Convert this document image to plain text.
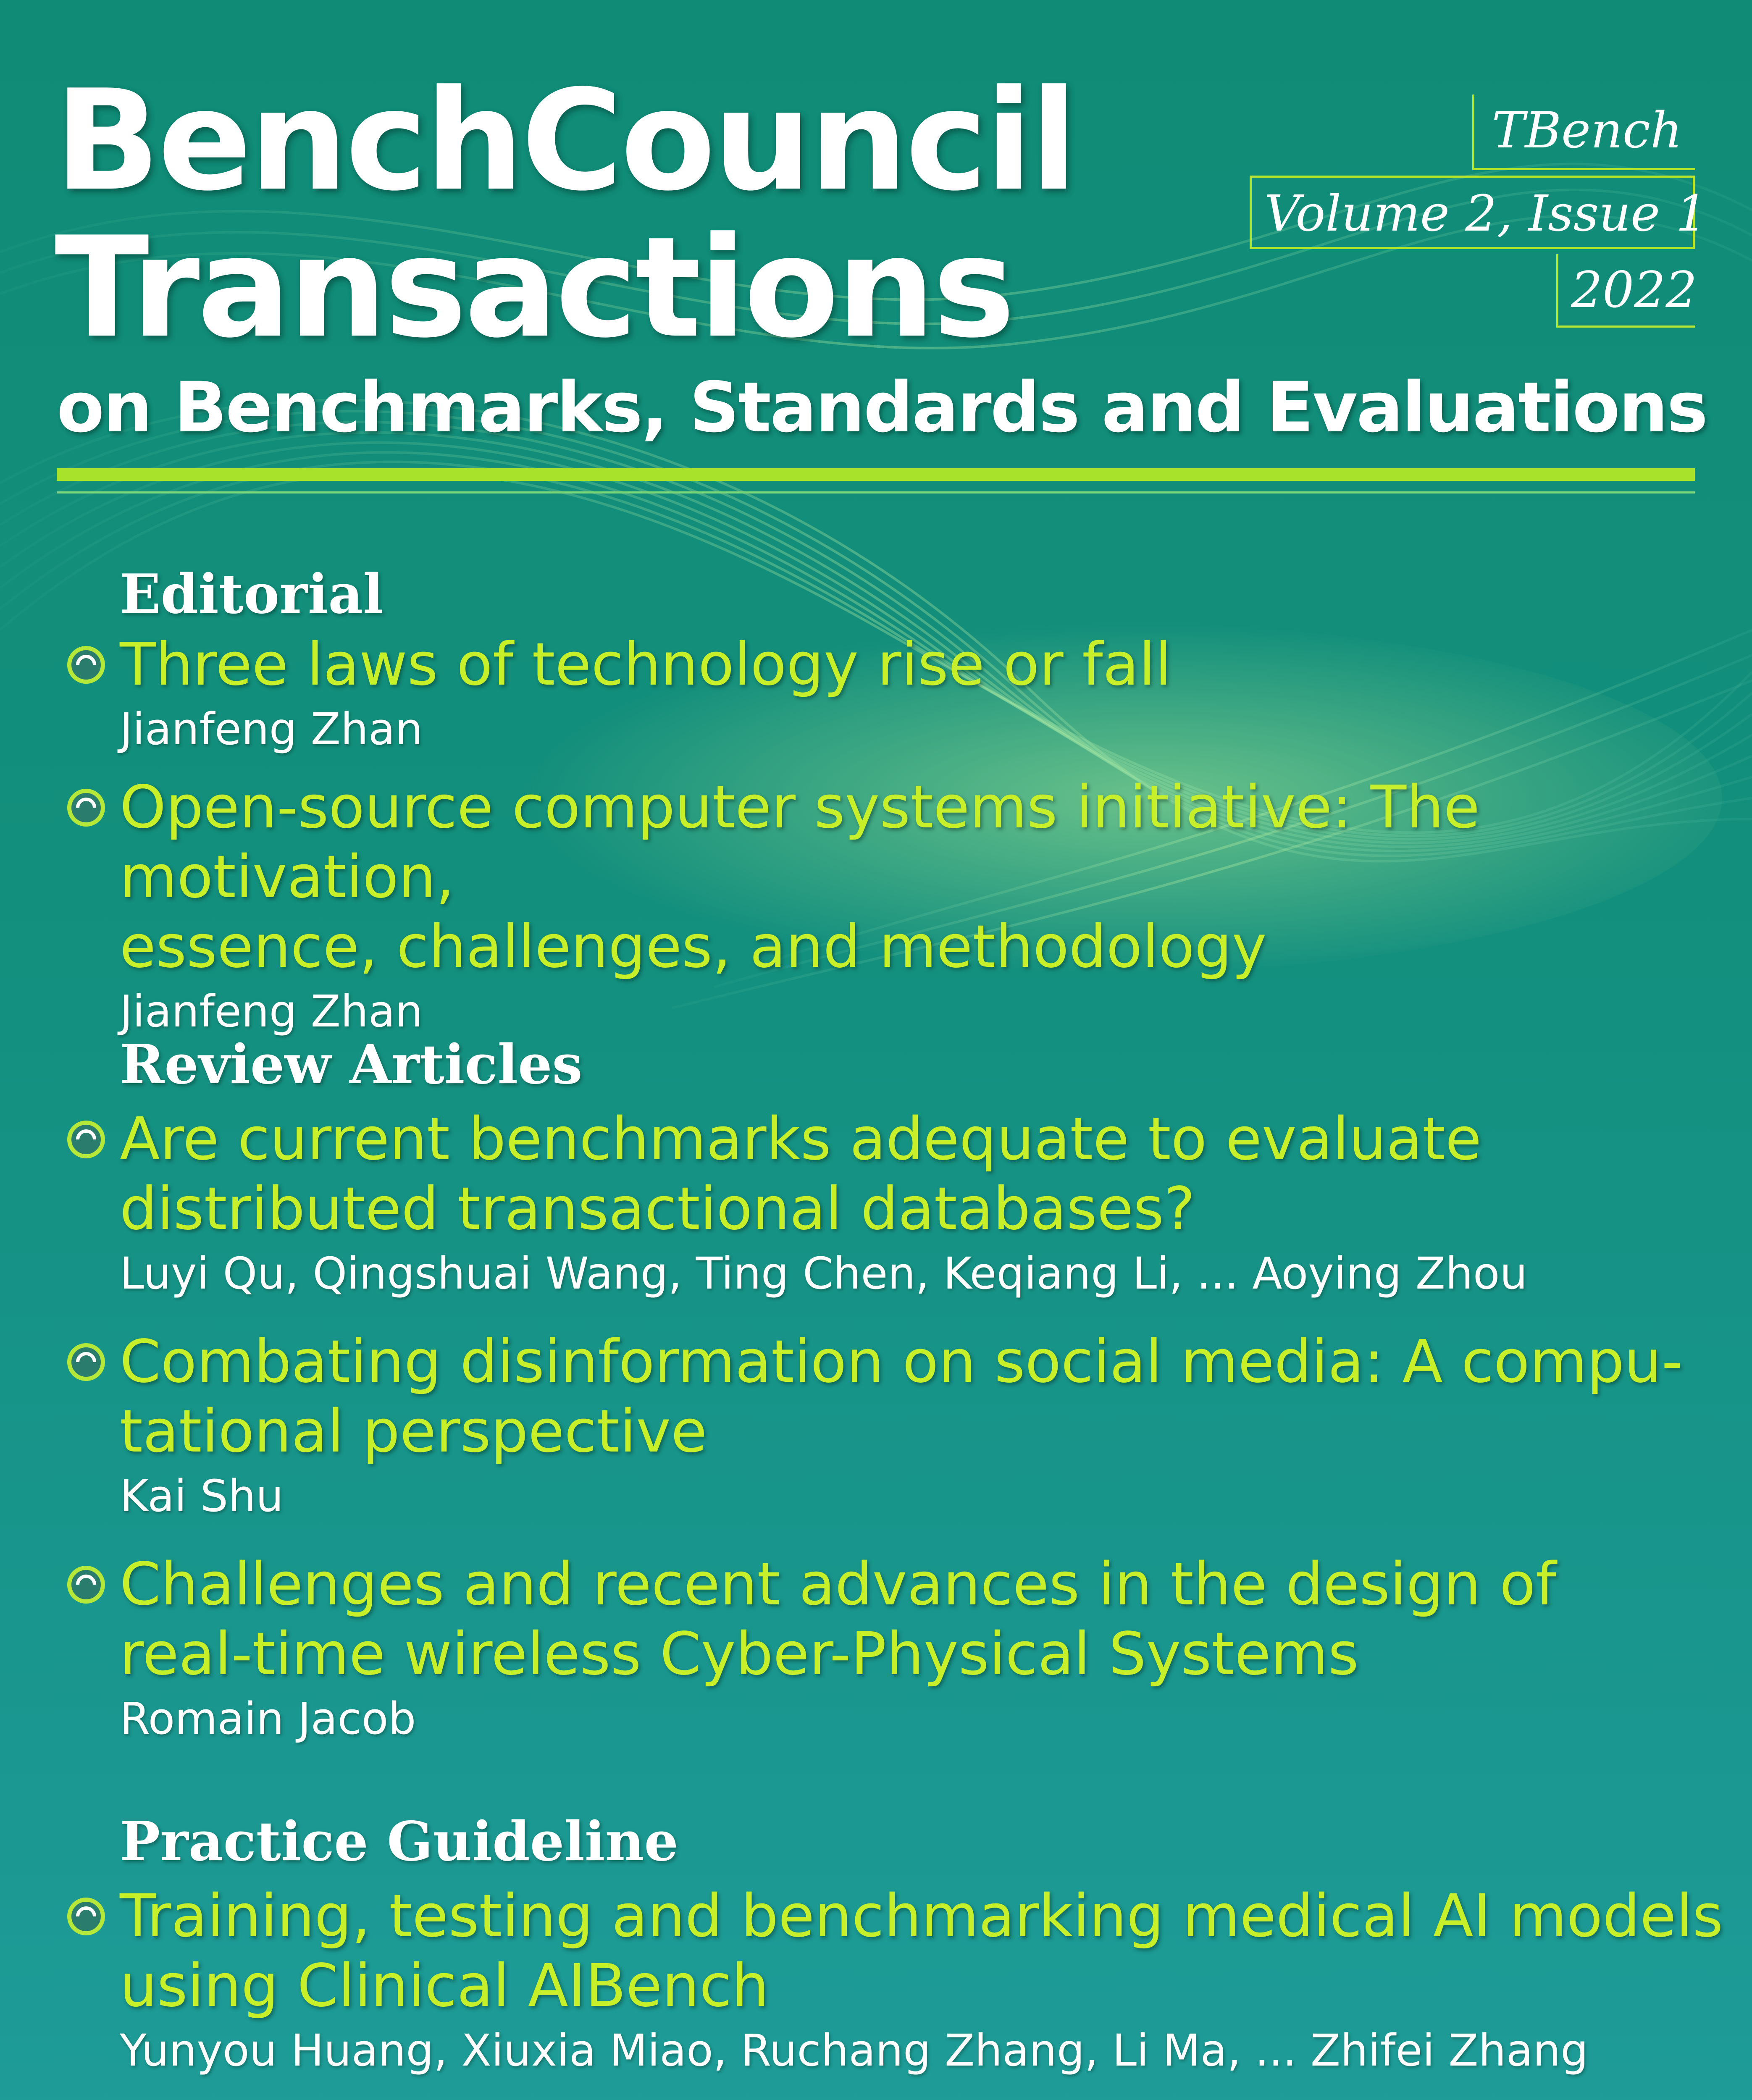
BenchCouncil
Transactions
on Benchmarks, Standards and Evaluations
TBench
Volume 2, Issue 1
2022
Editorial

Three laws of technology rise or fall

Jianfeng Zhan

Open-source computer systems initiative: The motivation,
essence, challenges, and methodology

Jianfeng Zhan

Review Articles

Are current benchmarks adequate to evaluate
distributed transactional databases?

Luyi Qu, Qingshuai Wang, Ting Chen, Keqiang Li, ... Aoying Zhou

Combating disinformation on social media: A compu-
tational perspective

Kai Shu

Challenges and recent advances in the design of
real-time wireless Cyber-Physical Systems

Romain Jacob

Practice Guideline

Training, testing and benchmarking medical AI models
using Clinical AIBench

Yunyou Huang, Xiuxia Miao, Ruchang Zhang, Li Ma, ... Zhifei Zhang
